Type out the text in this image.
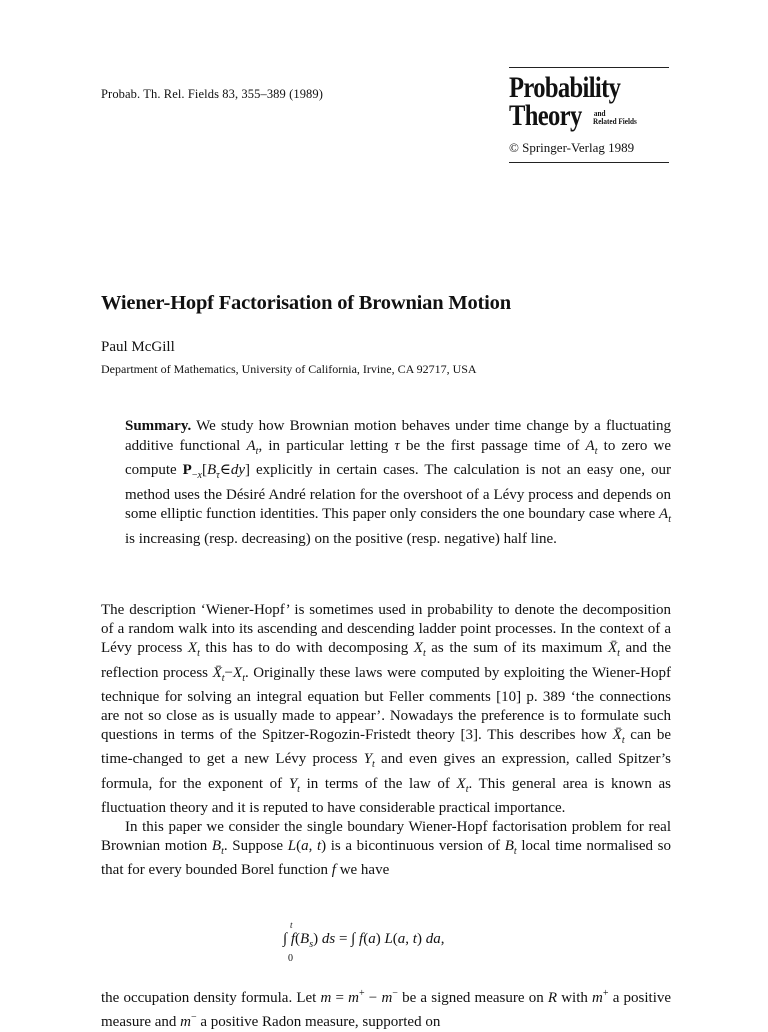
Probab. Th. Rel. Fields 83, 355–389 (1989)	Probability
Theory and
Related Fields
© Springer-Verlag 1989
Wiener-Hopf Factorisation of Brownian Motion
Paul McGill
Department of Mathematics, University of California, Irvine, CA 92717, USA

Summary. We study how Brownian motion behaves under time change by a fluctuating additive functional $A_t$, in particular letting τ be the first passage time of $A_t$ to zero we compute $P_{-x}[B_\tau\in dy]$ explicitly in certain cases. The calculation is not an easy one, our method uses the Désiré André relation for the overshoot of a Lévy process and depends on some elliptic function identities. This paper only considers the one boundary case where $A_t$ is increasing (resp. decreasing) on the positive (resp. negative) half line.

The description ‘Wiener-Hopf’ is sometimes used in probability to denote the decomposition of a random walk into its ascending and descending ladder point processes. In the context of a Lévy process $X_t$ this has to do with decomposing $X_t$ as the sum of its maximum $X̄_t$ and the reflection process $X̄_t-X_t$. Originally these laws were computed by exploiting the Wiener-Hopf technique for solving an integral equation but Feller comments [10] p. 389 ‘the connections are not so close as is usually made to appear’. Nowadays the preference is to formulate such questions in terms of the Spitzer-Rogozin-Fristedt theory [3]. This describes how $X̄_t$ can be time-changed to get a new Lévy process $Y_t$ and even gives an expression, called Spitzer’s formula, for the exponent of $Y_t$ in terms of the law of $X_t$. This general area is known as fluctuation theory and it is reputed to have considerable practical importance.

In this paper we consider the single boundary Wiener-Hopf factorisation problem for real Brownian motion $B_t$. Suppose L(a, t) is a bicontinuous version of $B_t$ local time normalised so that for every bounded Borel function f we have

t
∫ $f(B_s)$ ds = ∫ f(a) L(a, t) da,
0

the occupation density formula. Let m = m+ − m− be a signed measure on R with m+ a positive measure and m− a positive Radon measure, supported on
